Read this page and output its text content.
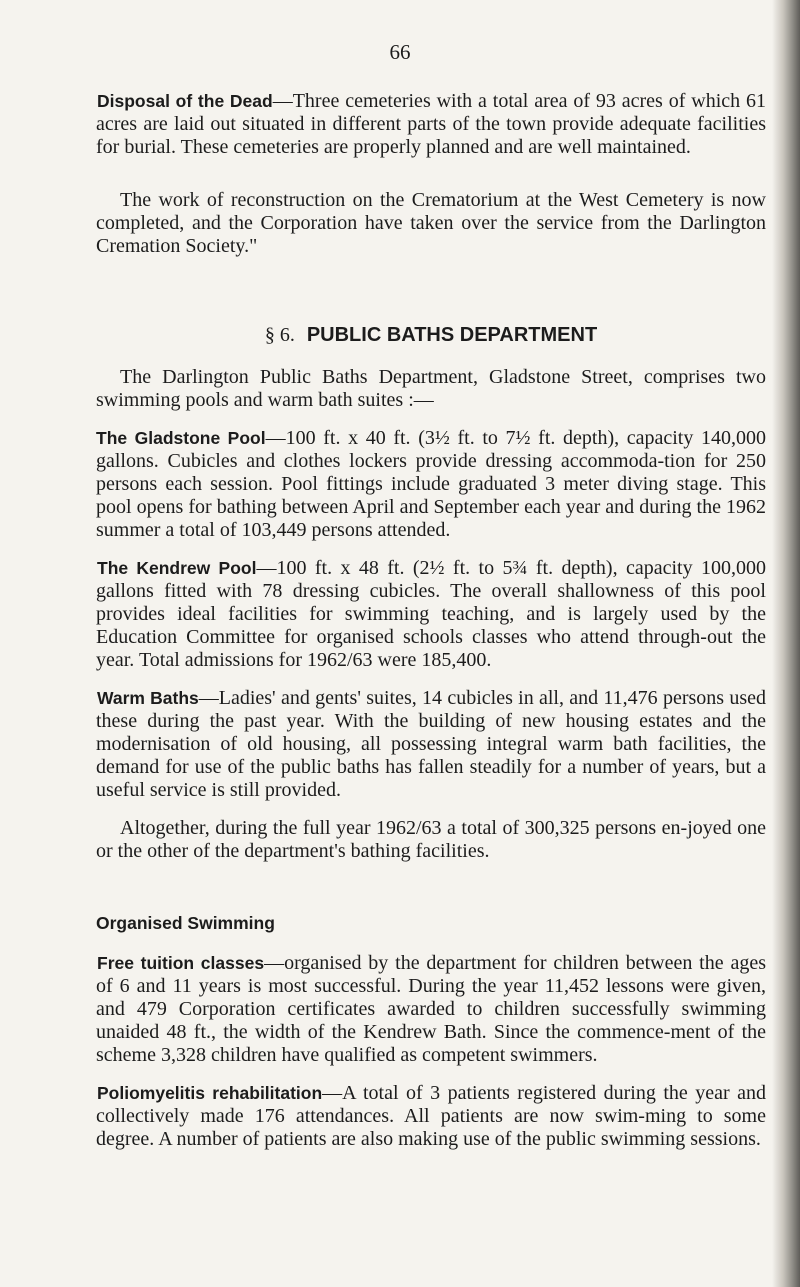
66

Disposal of the Dead—Three cemeteries with a total area of 93 acres of which 61 acres are laid out situated in different parts of the town provide adequate facilities for burial. These cemeteries are properly planned and are well maintained.

The work of reconstruction on the Crematorium at the West Cemetery is now completed, and the Corporation have taken over the service from the Darlington Cremation Society."

§ 6. PUBLIC BATHS DEPARTMENT

The Darlington Public Baths Department, Gladstone Street, comprises two swimming pools and warm bath suites :—

The Gladstone Pool—100 ft. x 40 ft. (3½ ft. to 7½ ft. depth), capacity 140,000 gallons. Cubicles and clothes lockers provide dressing accommoda-tion for 250 persons each session. Pool fittings include graduated 3 meter diving stage. This pool opens for bathing between April and September each year and during the 1962 summer a total of 103,449 persons attended.

The Kendrew Pool—100 ft. x 48 ft. (2½ ft. to 5¾ ft. depth), capacity 100,000 gallons fitted with 78 dressing cubicles. The overall shallowness of this pool provides ideal facilities for swimming teaching, and is largely used by the Education Committee for organised schools classes who attend through-out the year. Total admissions for 1962/63 were 185,400.

Warm Baths—Ladies' and gents' suites, 14 cubicles in all, and 11,476 persons used these during the past year. With the building of new housing estates and the modernisation of old housing, all possessing integral warm bath facilities, the demand for use of the public baths has fallen steadily for a number of years, but a useful service is still provided.

Altogether, during the full year 1962/63 a total of 300,325 persons en-joyed one or the other of the department's bathing facilities.

Organised Swimming

Free tuition classes—organised by the department for children between the ages of 6 and 11 years is most successful. During the year 11,452 lessons were given, and 479 Corporation certificates awarded to children successfully swimming unaided 48 ft., the width of the Kendrew Bath. Since the commence-ment of the scheme 3,328 children have qualified as competent swimmers.

Poliomyelitis rehabilitation—A total of 3 patients registered during the year and collectively made 176 attendances. All patients are now swim-ming to some degree. A number of patients are also making use of the public swimming sessions.
